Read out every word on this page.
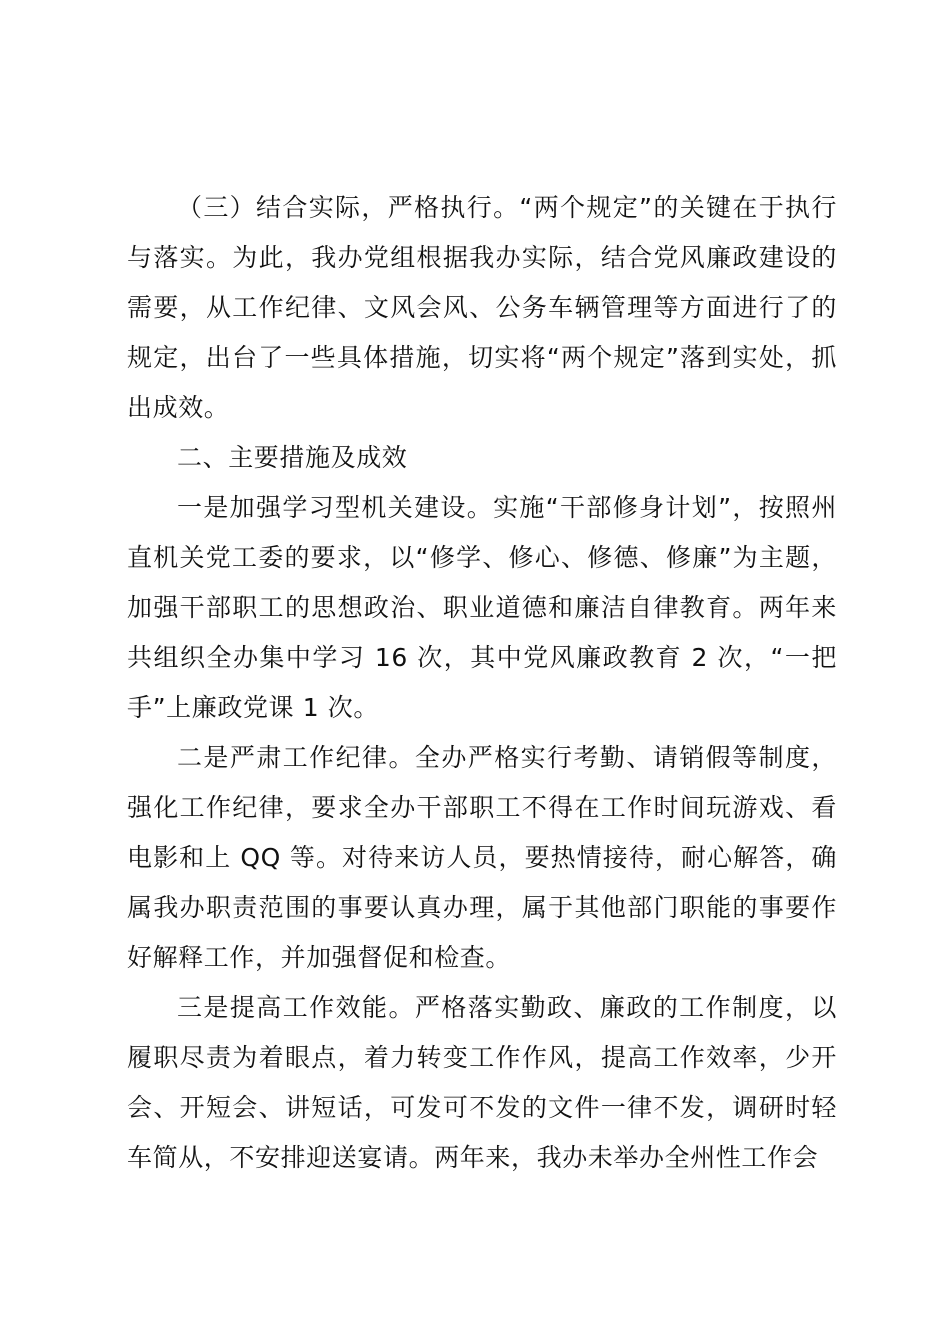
（三）结合实际，严格执行。“两个规定”的关键在于执行与落实。为此，我办党组根据我办实际，结合党风廉政建设的需要，从工作纪律、文风会风、公务车辆管理等方面进行了的规定，出台了一些具体措施，切实将“两个规定”落到实处，抓出成效。

二、主要措施及成效

一是加强学习型机关建设。实施“干部修身计划”，按照州直机关党工委的要求，以“修学、修心、修德、修廉”为主题，加强干部职工的思想政治、职业道德和廉洁自律教育。两年来共组织全办集中学习 16 次，其中党风廉政教育 2 次，“一把手”上廉政党课 1 次。

二是严肃工作纪律。全办严格实行考勤、请销假等制度，强化工作纪律，要求全办干部职工不得在工作时间玩游戏、看电影和上 QQ 等。对待来访人员，要热情接待，耐心解答，确属我办职责范围的事要认真办理，属于其他部门职能的事要作好解释工作，并加强督促和检查。

三是提高工作效能。严格落实勤政、廉政的工作制度，以履职尽责为着眼点，着力转变工作作风，提高工作效率，少开会、开短会、讲短话，可发可不发的文件一律不发，调研时轻车简从，不安排迎送宴请。两年来，我办未举办全州性工作会
